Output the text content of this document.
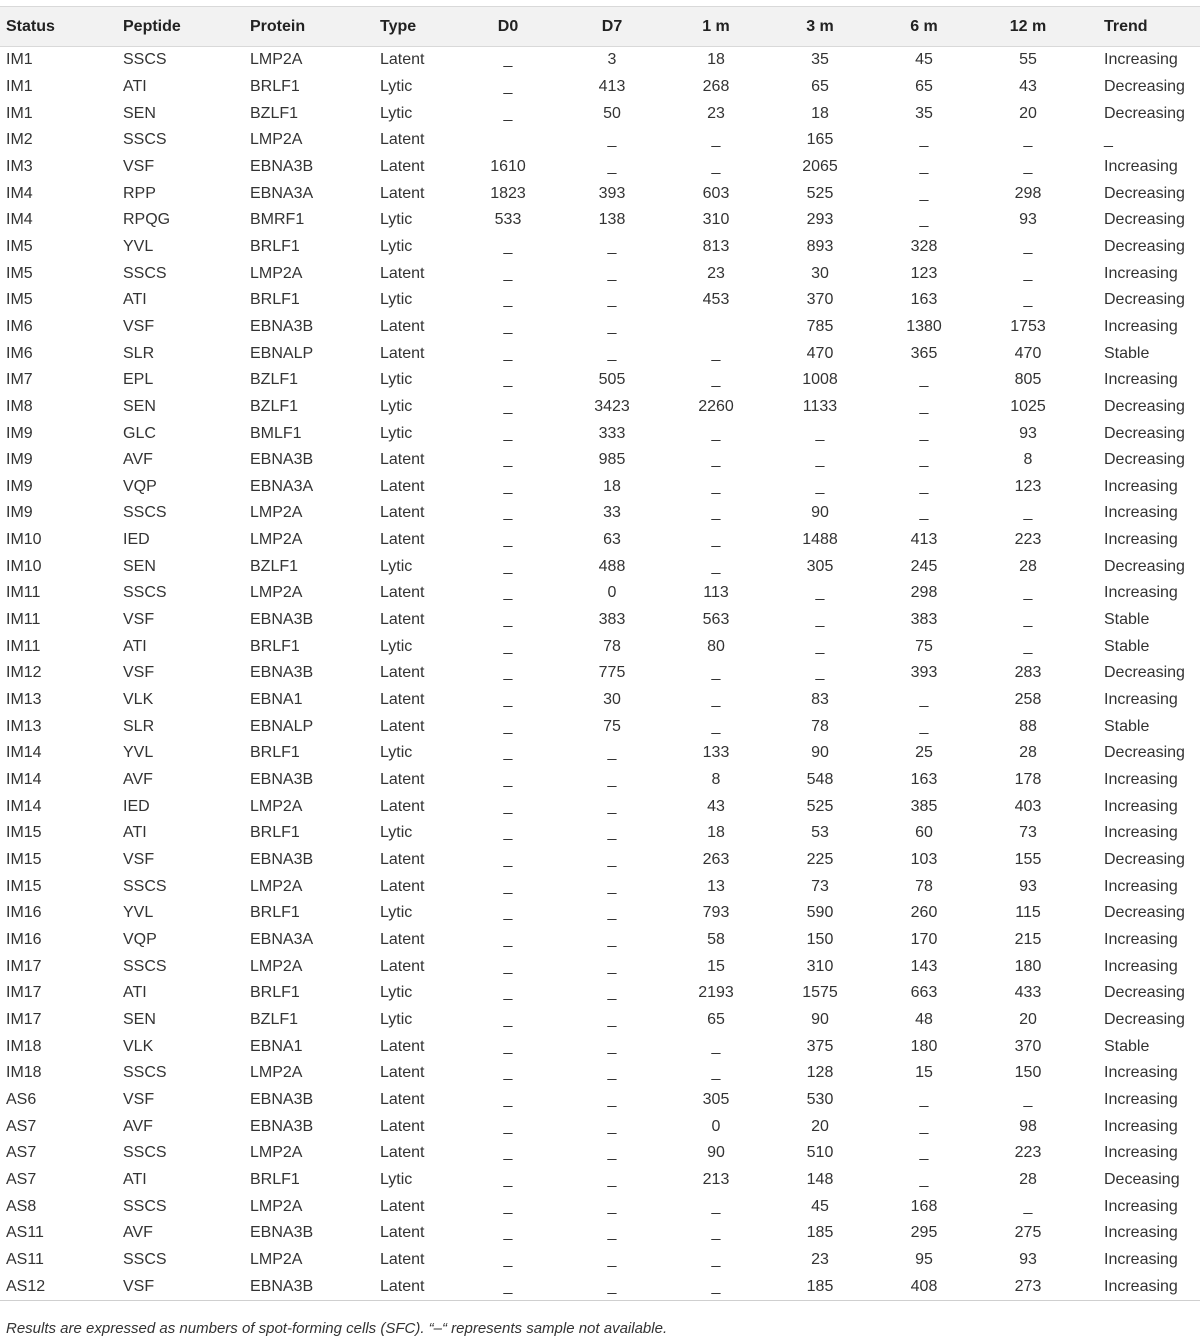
Status	Peptide	Protein	Type	D0	D7	1 m	3 m	6 m	12 m	Trend
IM1	SSCS	LMP2A	Latent	_	3	18	35	45	55	Increasing
IM1	ATI	BRLF1	Lytic	_	413	268	65	65	43	Decreasing
IM1	SEN	BZLF1	Lytic	_	50	23	18	35	20	Decreasing
IM2	SSCS	LMP2A	Latent		_	_	165	_	_	_
IM3	VSF	EBNA3B	Latent	1610	_	_	2065	_	_	Increasing
IM4	RPP	EBNA3A	Latent	1823	393	603	525	_	298	Decreasing
IM4	RPQG	BMRF1	Lytic	533	138	310	293	_	93	Decreasing
IM5	YVL	BRLF1	Lytic	_	_	813	893	328	_	Decreasing
IM5	SSCS	LMP2A	Latent	_	_	23	30	123	_	Increasing
IM5	ATI	BRLF1	Lytic	_	_	453	370	163	_	Decreasing
IM6	VSF	EBNA3B	Latent	_	_		785	1380	1753	Increasing
IM6	SLR	EBNALP	Latent	_	_	_	470	365	470	Stable
IM7	EPL	BZLF1	Lytic	_	505	_	1008	_	805	Increasing
IM8	SEN	BZLF1	Lytic	_	3423	2260	1133	_	1025	Decreasing
IM9	GLC	BMLF1	Lytic	_	333	_	_	_	93	Decreasing
IM9	AVF	EBNA3B	Latent	_	985	_	_	_	8	Decreasing
IM9	VQP	EBNA3A	Latent	_	18	_	_	_	123	Increasing
IM9	SSCS	LMP2A	Latent	_	33	_	90	_	_	Increasing
IM10	IED	LMP2A	Latent	_	63	_	1488	413	223	Increasing
IM10	SEN	BZLF1	Lytic	_	488	_	305	245	28	Decreasing
IM11	SSCS	LMP2A	Latent	_	0	113	_	298	_	Increasing
IM11	VSF	EBNA3B	Latent	_	383	563	_	383	_	Stable
IM11	ATI	BRLF1	Lytic	_	78	80	_	75	_	Stable
IM12	VSF	EBNA3B	Latent	_	775	_	_	393	283	Decreasing
IM13	VLK	EBNA1	Latent	_	30	_	83	_	258	Increasing
IM13	SLR	EBNALP	Latent	_	75	_	78	_	88	Stable
IM14	YVL	BRLF1	Lytic	_	_	133	90	25	28	Decreasing
IM14	AVF	EBNA3B	Latent	_	_	8	548	163	178	Increasing
IM14	IED	LMP2A	Latent	_	_	43	525	385	403	Increasing
IM15	ATI	BRLF1	Lytic	_	_	18	53	60	73	Increasing
IM15	VSF	EBNA3B	Latent	_	_	263	225	103	155	Decreasing
IM15	SSCS	LMP2A	Latent	_	_	13	73	78	93	Increasing
IM16	YVL	BRLF1	Lytic	_	_	793	590	260	115	Decreasing
IM16	VQP	EBNA3A	Latent	_	_	58	150	170	215	Increasing
IM17	SSCS	LMP2A	Latent	_	_	15	310	143	180	Increasing
IM17	ATI	BRLF1	Lytic	_	_	2193	1575	663	433	Decreasing
IM17	SEN	BZLF1	Lytic	_	_	65	90	48	20	Decreasing
IM18	VLK	EBNA1	Latent	_	_	_	375	180	370	Stable
IM18	SSCS	LMP2A	Latent	_	_	_	128	15	150	Increasing
AS6	VSF	EBNA3B	Latent	_	_	305	530	_	_	Increasing
AS7	AVF	EBNA3B	Latent	_	_	0	20	_	98	Increasing
AS7	SSCS	LMP2A	Latent	_	_	90	510	_	223	Increasing
AS7	ATI	BRLF1	Lytic	_	_	213	148	_	28	Deceasing
AS8	SSCS	LMP2A	Latent	_	_	_	45	168	_	Increasing
AS11	AVF	EBNA3B	Latent	_	_	_	185	295	275	Increasing
AS11	SSCS	LMP2A	Latent	_	_	_	23	95	93	Increasing
AS12	VSF	EBNA3B	Latent	_	_	_	185	408	273	Increasing
Results are expressed as numbers of spot-forming cells (SFC). “–“ represents sample not available.
